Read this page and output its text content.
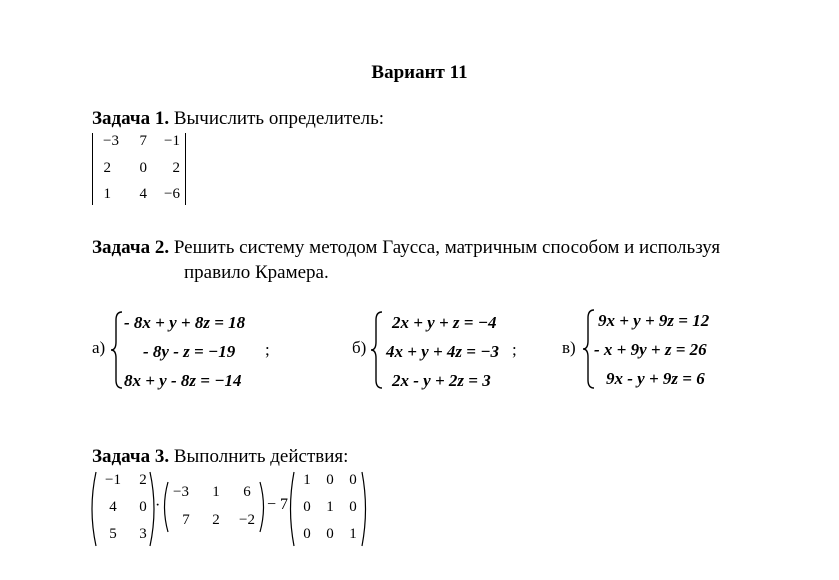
Вариант 11
Задача 1. Вычислить определитель:
−3	7	−1
2	0	2
1	4	−6
Задача 2. Решить систему методом Гаусса, матричным способом и используя
правило Крамера.
а)
- 8x + y + 8z = 18
- 8y - z = −19
8x + y - 8z = −14
;	б)
2x + y + z = −4
4x + y + 4z = −3
2x - y + 2z = 3
;	в)
9x + y + 9z = 12
- x + 9y + z = 26
9x - y + 9z = 6
Задача 3. Выполнить действия:
−1	2
4	0
5	3
·
−3	1	6
7	2	−2
− 7
1	0	0
0	1	0
0	0	1
